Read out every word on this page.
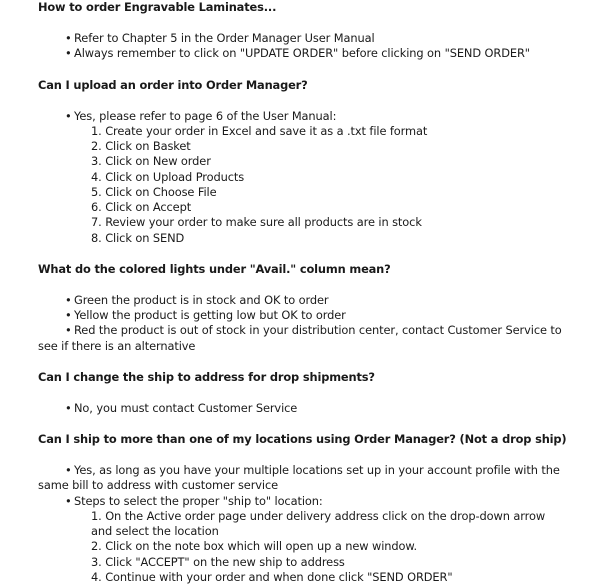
How to order Engravable Laminates...

• Refer to Chapter 5 in the Order Manager User Manual

• Always remember to click on "UPDATE ORDER" before clicking on "SEND ORDER"

Can I upload an order into Order Manager?

• Yes, please refer to page 6 of the User Manual:

1. Create your order in Excel and save it as a .txt file format
2. Click on Basket
3. Click on New order
4. Click on Upload Products
5. Click on Choose File
6. Click on Accept
7. Review your order to make sure all products are in stock
8. Click on SEND

What do the colored lights under "Avail." column mean?

• Green the product is in stock and OK to order

• Yellow the product is getting low but OK to order

• Red the product is out of stock in your distribution center, contact Customer Service to
see if there is an alternative

Can I change the ship to address for drop shipments?

• No, you must contact Customer Service

Can I ship to more than one of my locations using Order Manager? (Not a drop ship)

• Yes, as long as you have your multiple locations set up in your account profile with the
same bill to address with customer service

• Steps to select the proper "ship to" location:

1. On the Active order page under delivery address click on the drop-down arrow
and select the location
2. Click on the note box which will open up a new window.
3. Click "ACCEPT" on the new ship to address
4. Continue with your order and when done click "SEND ORDER"
